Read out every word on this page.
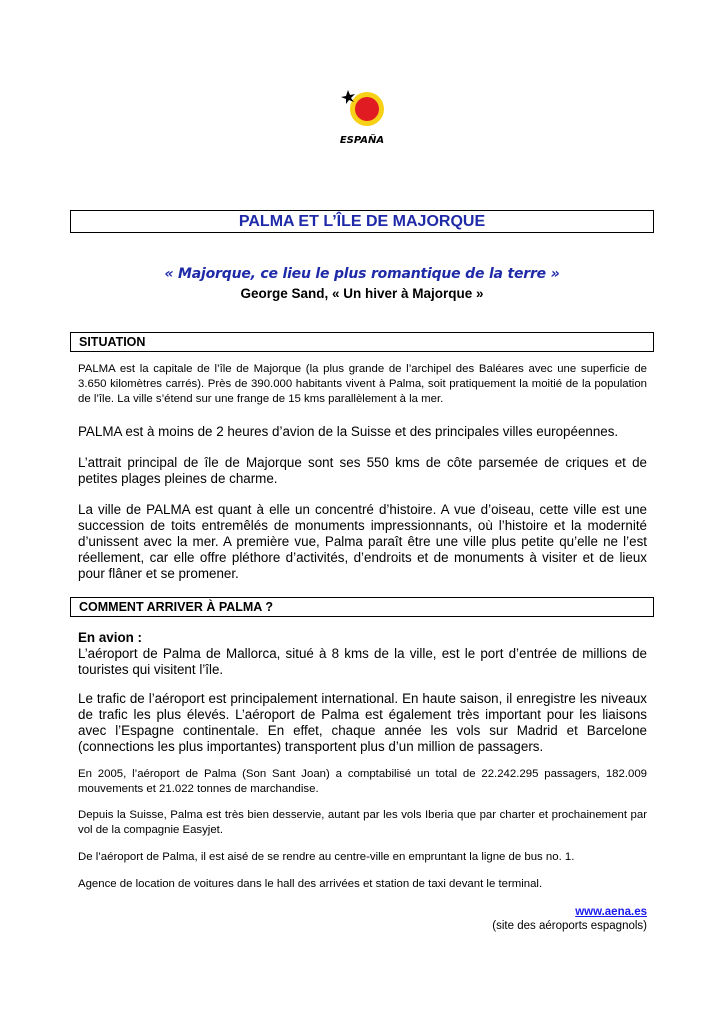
ESPAÑA
PALMA ET L’ÎLE DE MAJORQUE
« Majorque, ce lieu le plus romantique de la terre »
George Sand, « Un hiver à Majorque »
SITUATION

PALMA est la capitale de l’île de Majorque (la plus grande de l’archipel des Baléares avec une superficie de 3.650 kilomètres carrés). Près de 390.000 habitants vivent à Palma, soit pratiquement la moitié de la population de l’île. La ville s’étend sur une frange de 15 kms parallèlement à la mer.

PALMA est à moins de 2 heures d’avion de la Suisse et des principales villes européennes.

L’attrait principal de île de Majorque sont ses 550 kms de côte parsemée de criques et de petites plages pleines de charme.

La ville de PALMA est quant à elle un concentré d’histoire. A vue d’oiseau, cette ville est une succession de toits entremêlés de monuments impressionnants, où l’histoire et la modernité d’unissent avec la mer. A première vue, Palma paraît être une ville plus petite qu’elle ne l’est réellement, car elle offre pléthore d’activités, d’endroits et de monuments à visiter et de lieux pour flâner et se promener.

COMMENT ARRIVER À PALMA ?

En avion :

L’aéroport de Palma de Mallorca, situé à 8 kms de la ville, est le port d’entrée de millions de touristes qui visitent l’île.

Le trafic de l’aéroport est principalement international. En haute saison, il enregistre les niveaux de trafic les plus élevés. L’aéroport de Palma est également très important pour les liaisons avec l’Espagne continentale. En effet, chaque année les vols sur Madrid et Barcelone (connections les plus importantes) transportent plus d’un million de passagers.

En 2005, l’aéroport de Palma (Son Sant Joan) a comptabilisé un total de 22.242.295 passagers, 182.009 mouvements et 21.022 tonnes de marchandise.

Depuis la Suisse, Palma est très bien desservie, autant par les vols Iberia que par charter et prochainement par vol de la compagnie Easyjet.

De l’aéroport de Palma, il est aisé de se rendre au centre-ville en empruntant la ligne de bus no. 1.

Agence de location de voitures dans le hall des arrivées et station de taxi devant le terminal.

www.aena.es
(site des aéroports espagnols)
